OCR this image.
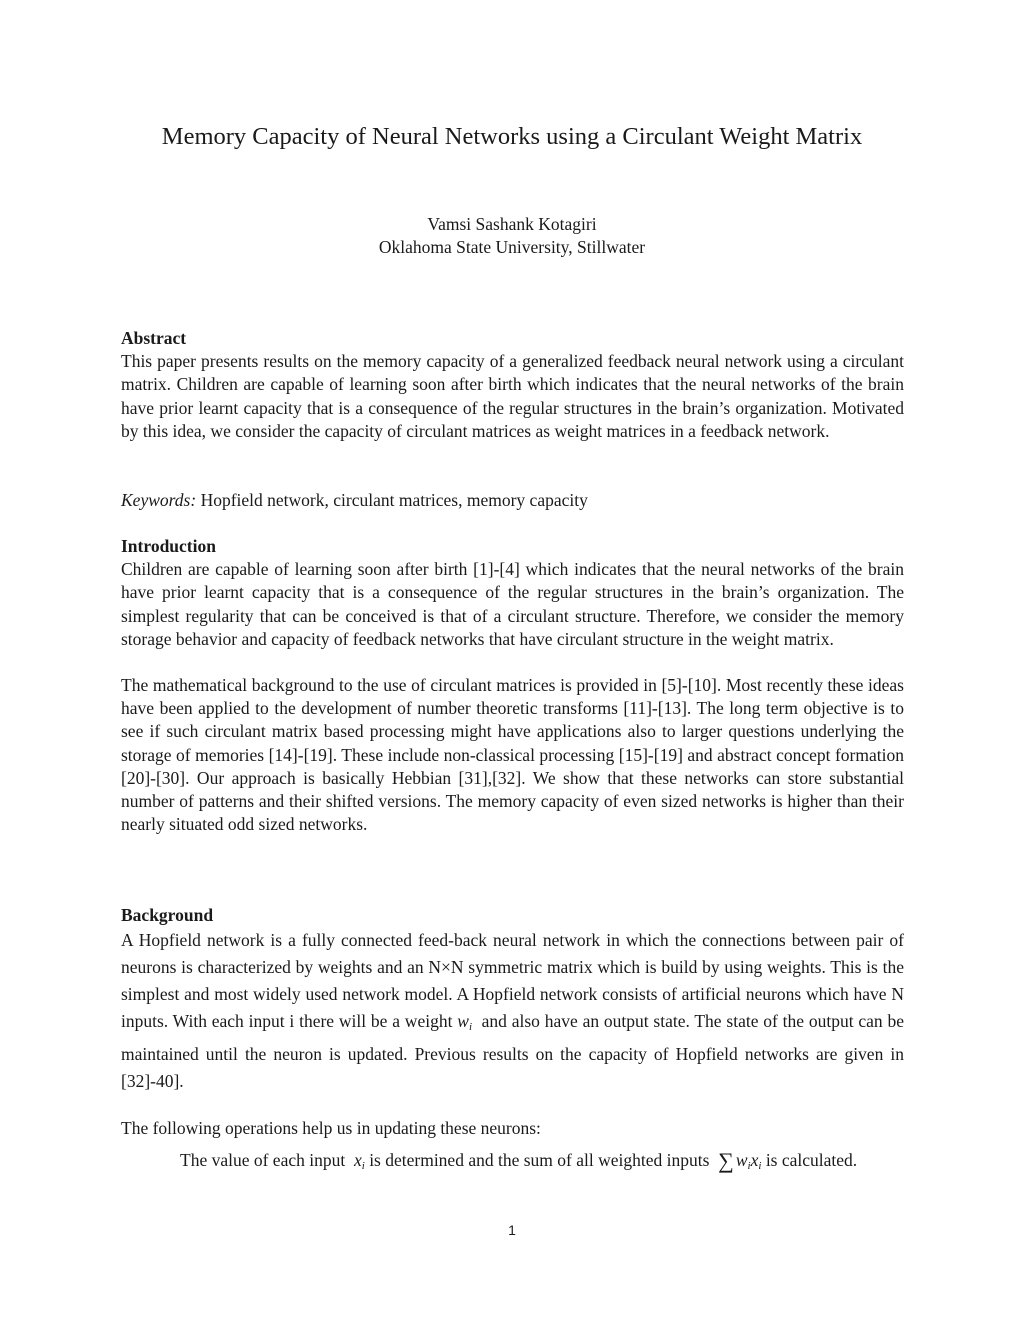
Memory Capacity of Neural Networks using a Circulant Weight Matrix
Vamsi Sashank Kotagiri
Oklahoma State University, Stillwater
Abstract

This paper presents results on the memory capacity of a generalized feedback neural network using a circulant matrix. Children are capable of learning soon after birth which indicates that the neural networks of the brain have prior learnt capacity that is a consequence of the regular structures in the brain’s organization. Motivated by this idea, we consider the capacity of circulant matrices as weight matrices in a feedback network.

Keywords: Hopfield network, circulant matrices, memory capacity
Introduction

Children are capable of learning soon after birth [1]-[4] which indicates that the neural networks of the brain have prior learnt capacity that is a consequence of the regular structures in the brain’s organization. The simplest regularity that can be conceived is that of a circulant structure. Therefore, we consider the memory storage behavior and capacity of feedback networks that have circulant structure in the weight matrix.

The mathematical background to the use of circulant matrices is provided in [5]-[10]. Most recently these ideas have been applied to the development of number theoretic transforms [11]-[13]. The long term objective is to see if such circulant matrix based processing might have applications also to larger questions underlying the storage of memories [14]-[19]. These include non-classical processing [15]-[19] and abstract concept formation [20]-[30]. Our approach is basically Hebbian [31],[32]. We show that these networks can store substantial number of patterns and their shifted versions. The memory capacity of even sized networks is higher than their nearly situated odd sized networks.

Background

A Hopfield network is a fully connected feed-back neural network in which the connections between pair of neurons is characterized by weights and an N×N symmetric matrix which is build by using weights. This is the simplest and most widely used network model. A Hopfield network consists of artificial neurons which have N inputs. With each input i there will be a weight $w_i$ and also have an output state. The state of the output can be maintained until the neuron is updated. Previous results on the capacity of Hopfield networks are given in [32]-40].

The following operations help us in updating these neurons:

The value of each input $x_i$ is determined and the sum of all weighted inputs ∑ $w_ix_i$ is calculated.
1
